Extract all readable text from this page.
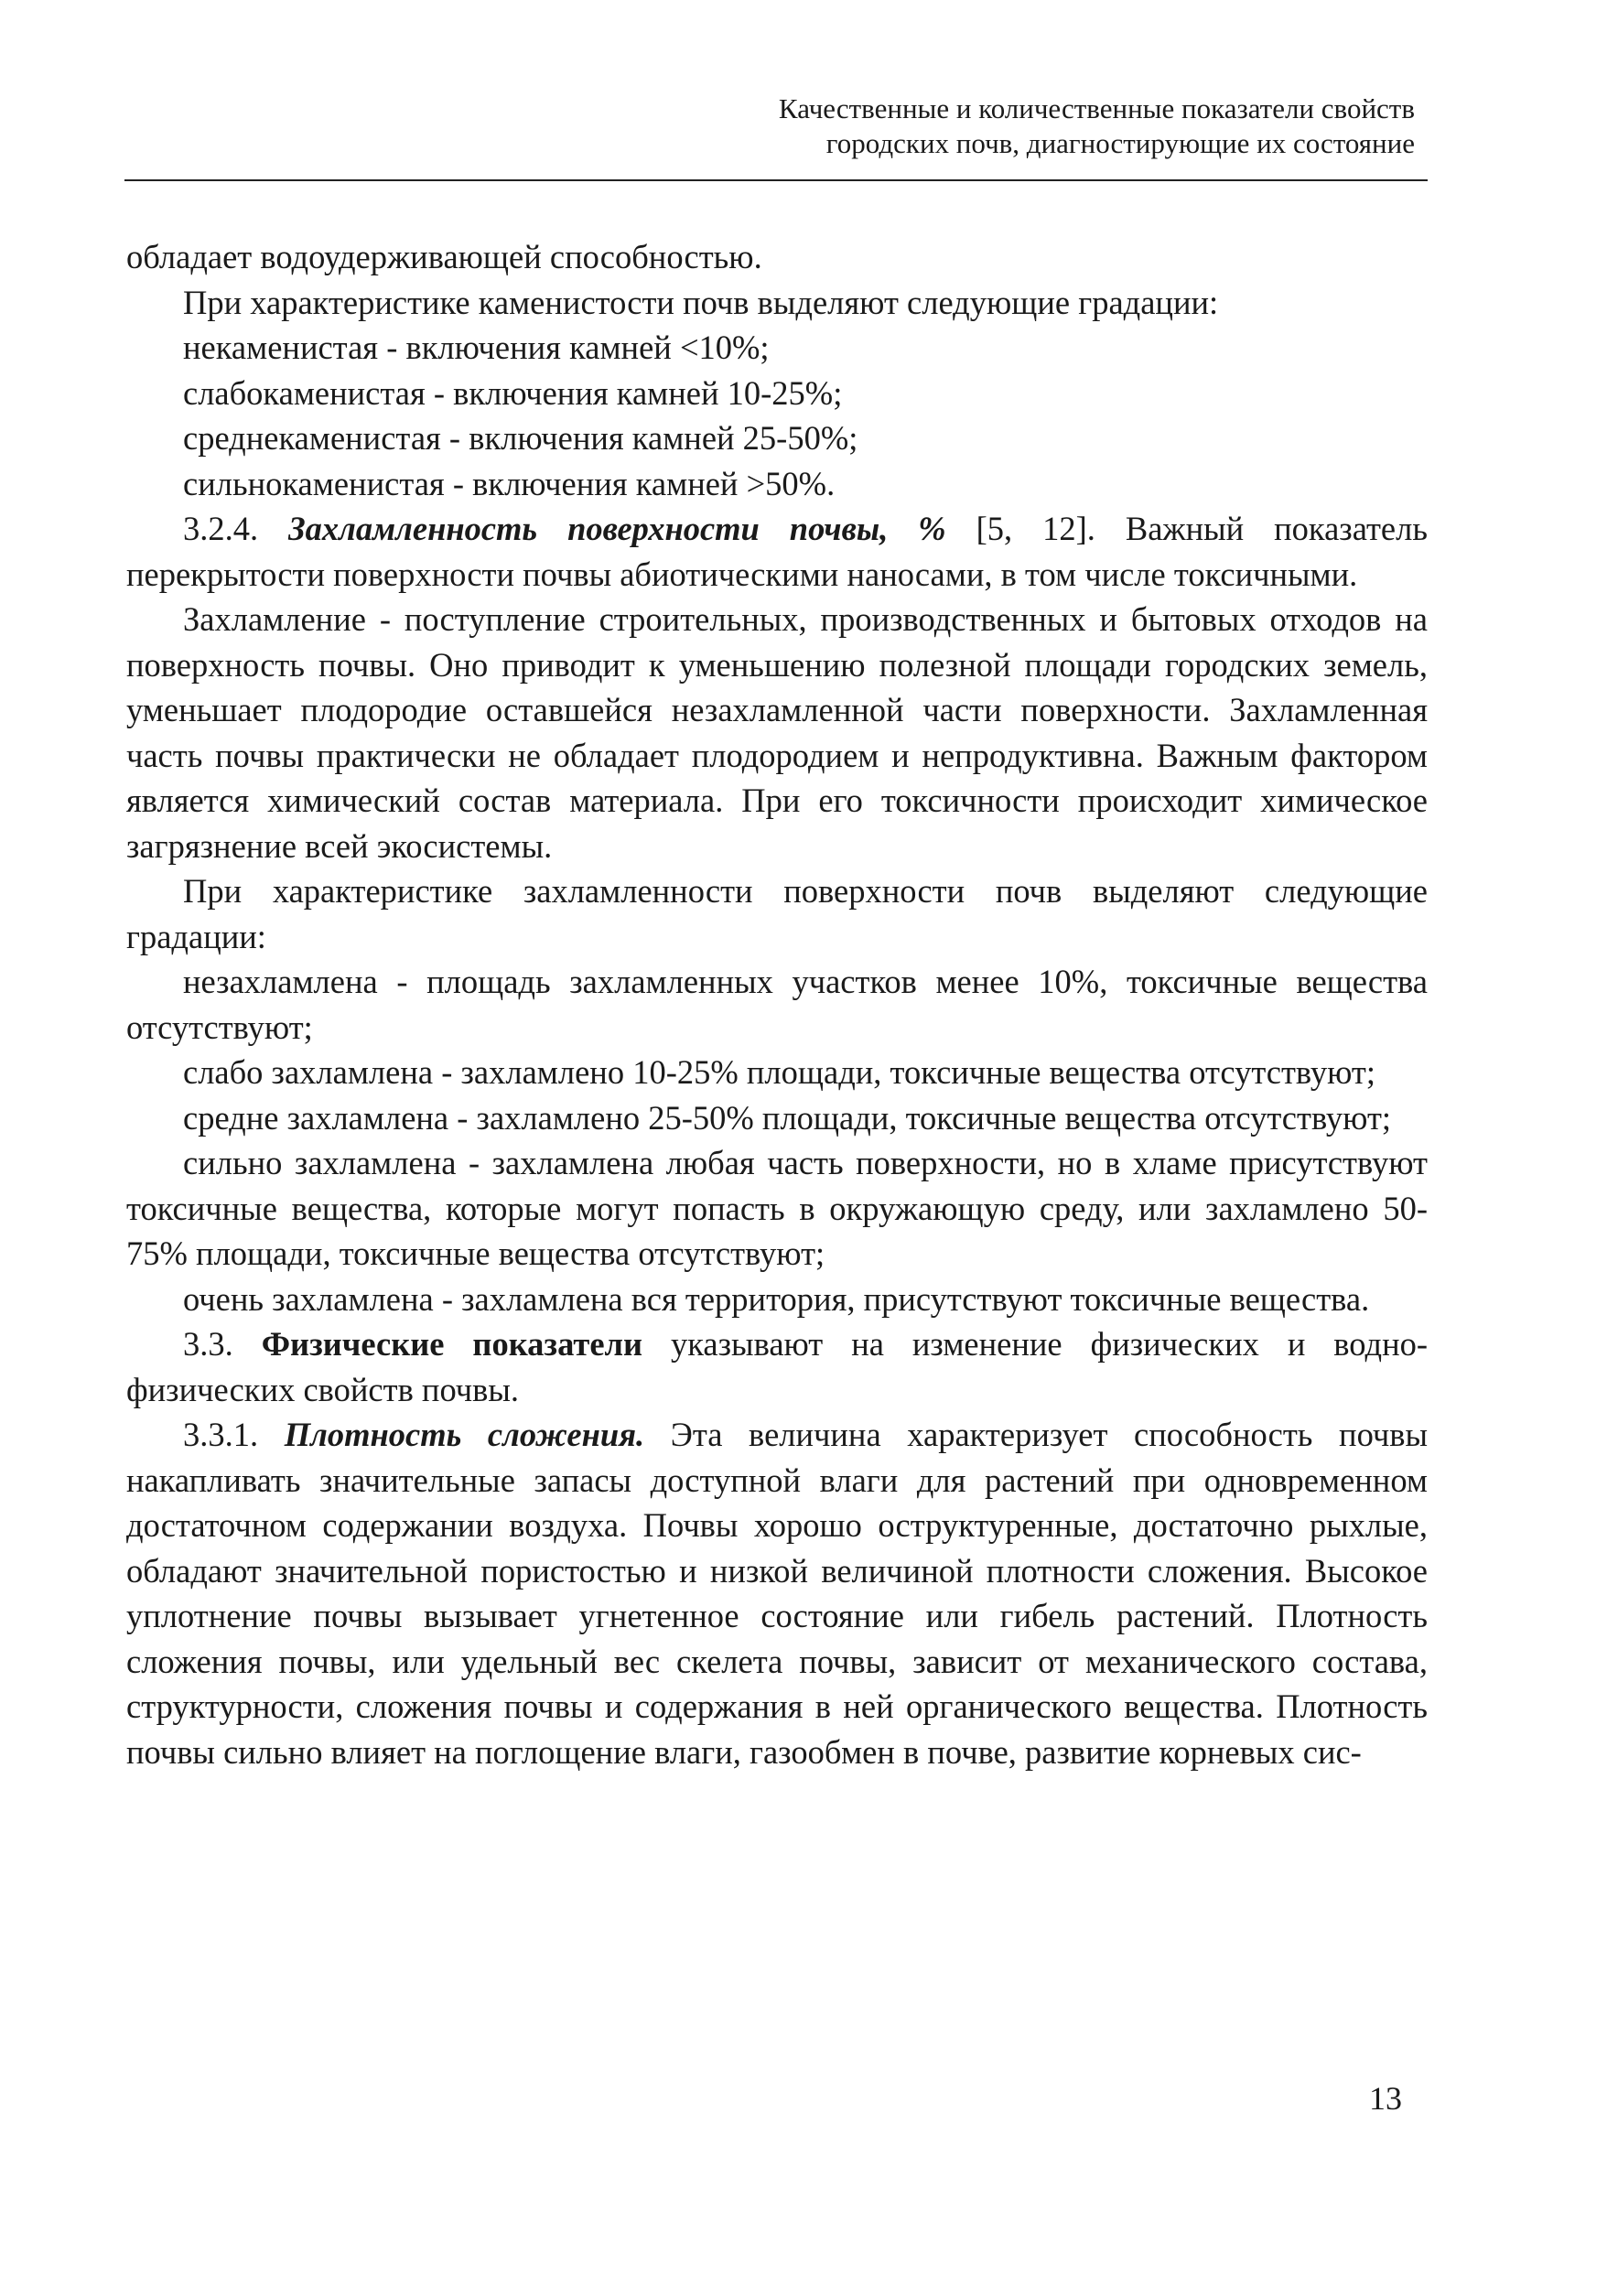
Качественные и количественные показатели свойств
городских почв, диагностирующие их состояние

обладает водоудерживающей способностью.

При характеристике каменистости почв выделяют следующие градации:

некаменистая - включения камней <10%;

слабокаменистая - включения камней 10-25%;

среднекаменистая - включения камней 25-50%;

сильнокаменистая - включения камней >50%.

3.2.4. Захламленность поверхности почвы, % [5, 12]. Важный показатель перекрытости поверхности почвы абиотическими наносами, в том числе токсичными.

Захламление - поступление строительных, производственных и бытовых отходов на поверхность почвы. Оно приводит к уменьшению полезной площади городских земель, уменьшает плодородие оставшейся незахламленной части поверхности. Захламленная часть почвы практически не обладает плодородием и непродуктивна. Важным фактором является химический состав материала. При его токсичности происходит химическое загрязнение всей экосистемы.

При характеристике захламленности поверхности почв выделяют следующие градации:

незахламлена - площадь захламленных участков менее 10%, токсичные вещества отсутствуют;

слабо захламлена - захламлено 10-25% площади, токсичные вещества отсутствуют;

средне захламлена - захламлено 25-50% площади, токсичные вещества отсутствуют;

сильно захламлена - захламлена любая часть поверхности, но в хламе присутствуют токсичные вещества, которые могут попасть в окружающую среду, или захламлено 50-75% площади, токсичные вещества отсутствуют;

очень захламлена - захламлена вся территория, присутствуют токсичные вещества.

3.3. Физические показатели указывают на изменение физических и водно-физических свойств почвы.

3.3.1. Плотность сложения. Эта величина характеризует способность почвы накапливать значительные запасы доступной влаги для растений при одновременном достаточном содержании воздуха. Почвы хорошо оструктуренные, достаточно рыхлые, обладают значительной пористостью и низкой величиной плотности сложения. Высокое уплотнение почвы вызывает угнетенное состояние или гибель растений. Плотность сложения почвы, или удельный вес скелета почвы, зависит от механического состава, структурности, сложения почвы и содержания в ней органического вещества. Плотность почвы сильно влияет на поглощение влаги, газообмен в почве, развитие корневых сис-

13
